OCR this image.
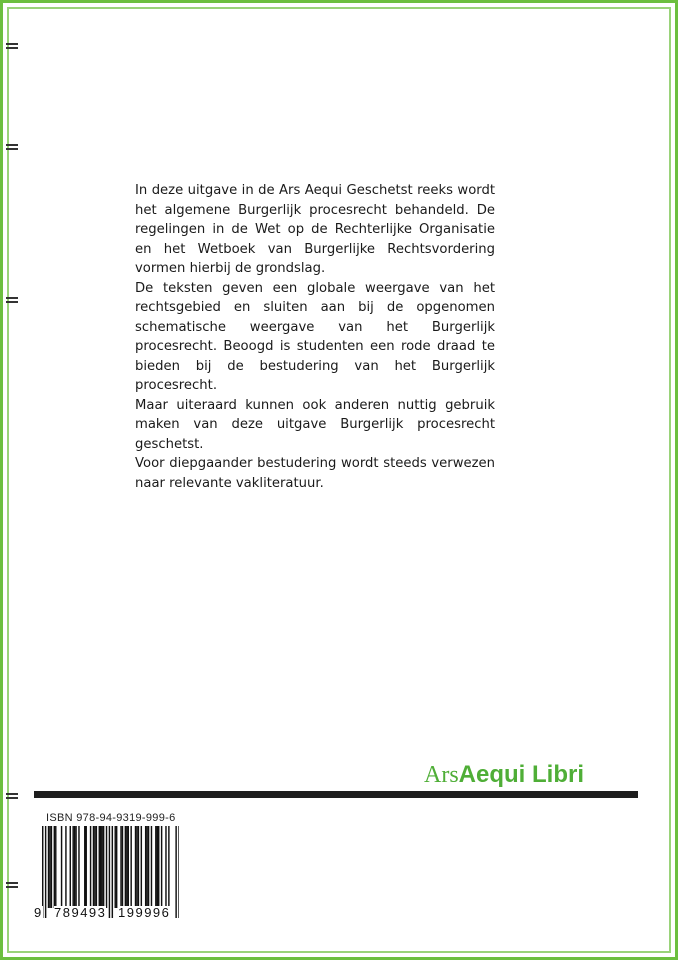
In deze uitgave in de Ars Aequi Geschetst reeks wordt het algemene Burgerlijk procesrecht behandeld. De regelingen in de Wet op de Rechterlijke Organisatie en het Wetboek van Burgerlijke Rechtsvordering vormen hierbij de grondslag.

De teksten geven een globale weergave van het rechtsgebied en sluiten aan bij de opgenomen schematische weergave van het Burgerlijk procesrecht. Beoogd is studenten een rode draad te bieden bij de bestudering van het Burgerlijk procesrecht.

Maar uiteraard kunnen ook anderen nuttig gebruik maken van deze uitgave Burgerlijk procesrecht geschetst.

Voor diepgaander bestudering wordt steeds verwezen naar relevante vakliteratuur.

ArsAequi Libri
ISBN 978-94-9319-999-6
9 789493 199996
